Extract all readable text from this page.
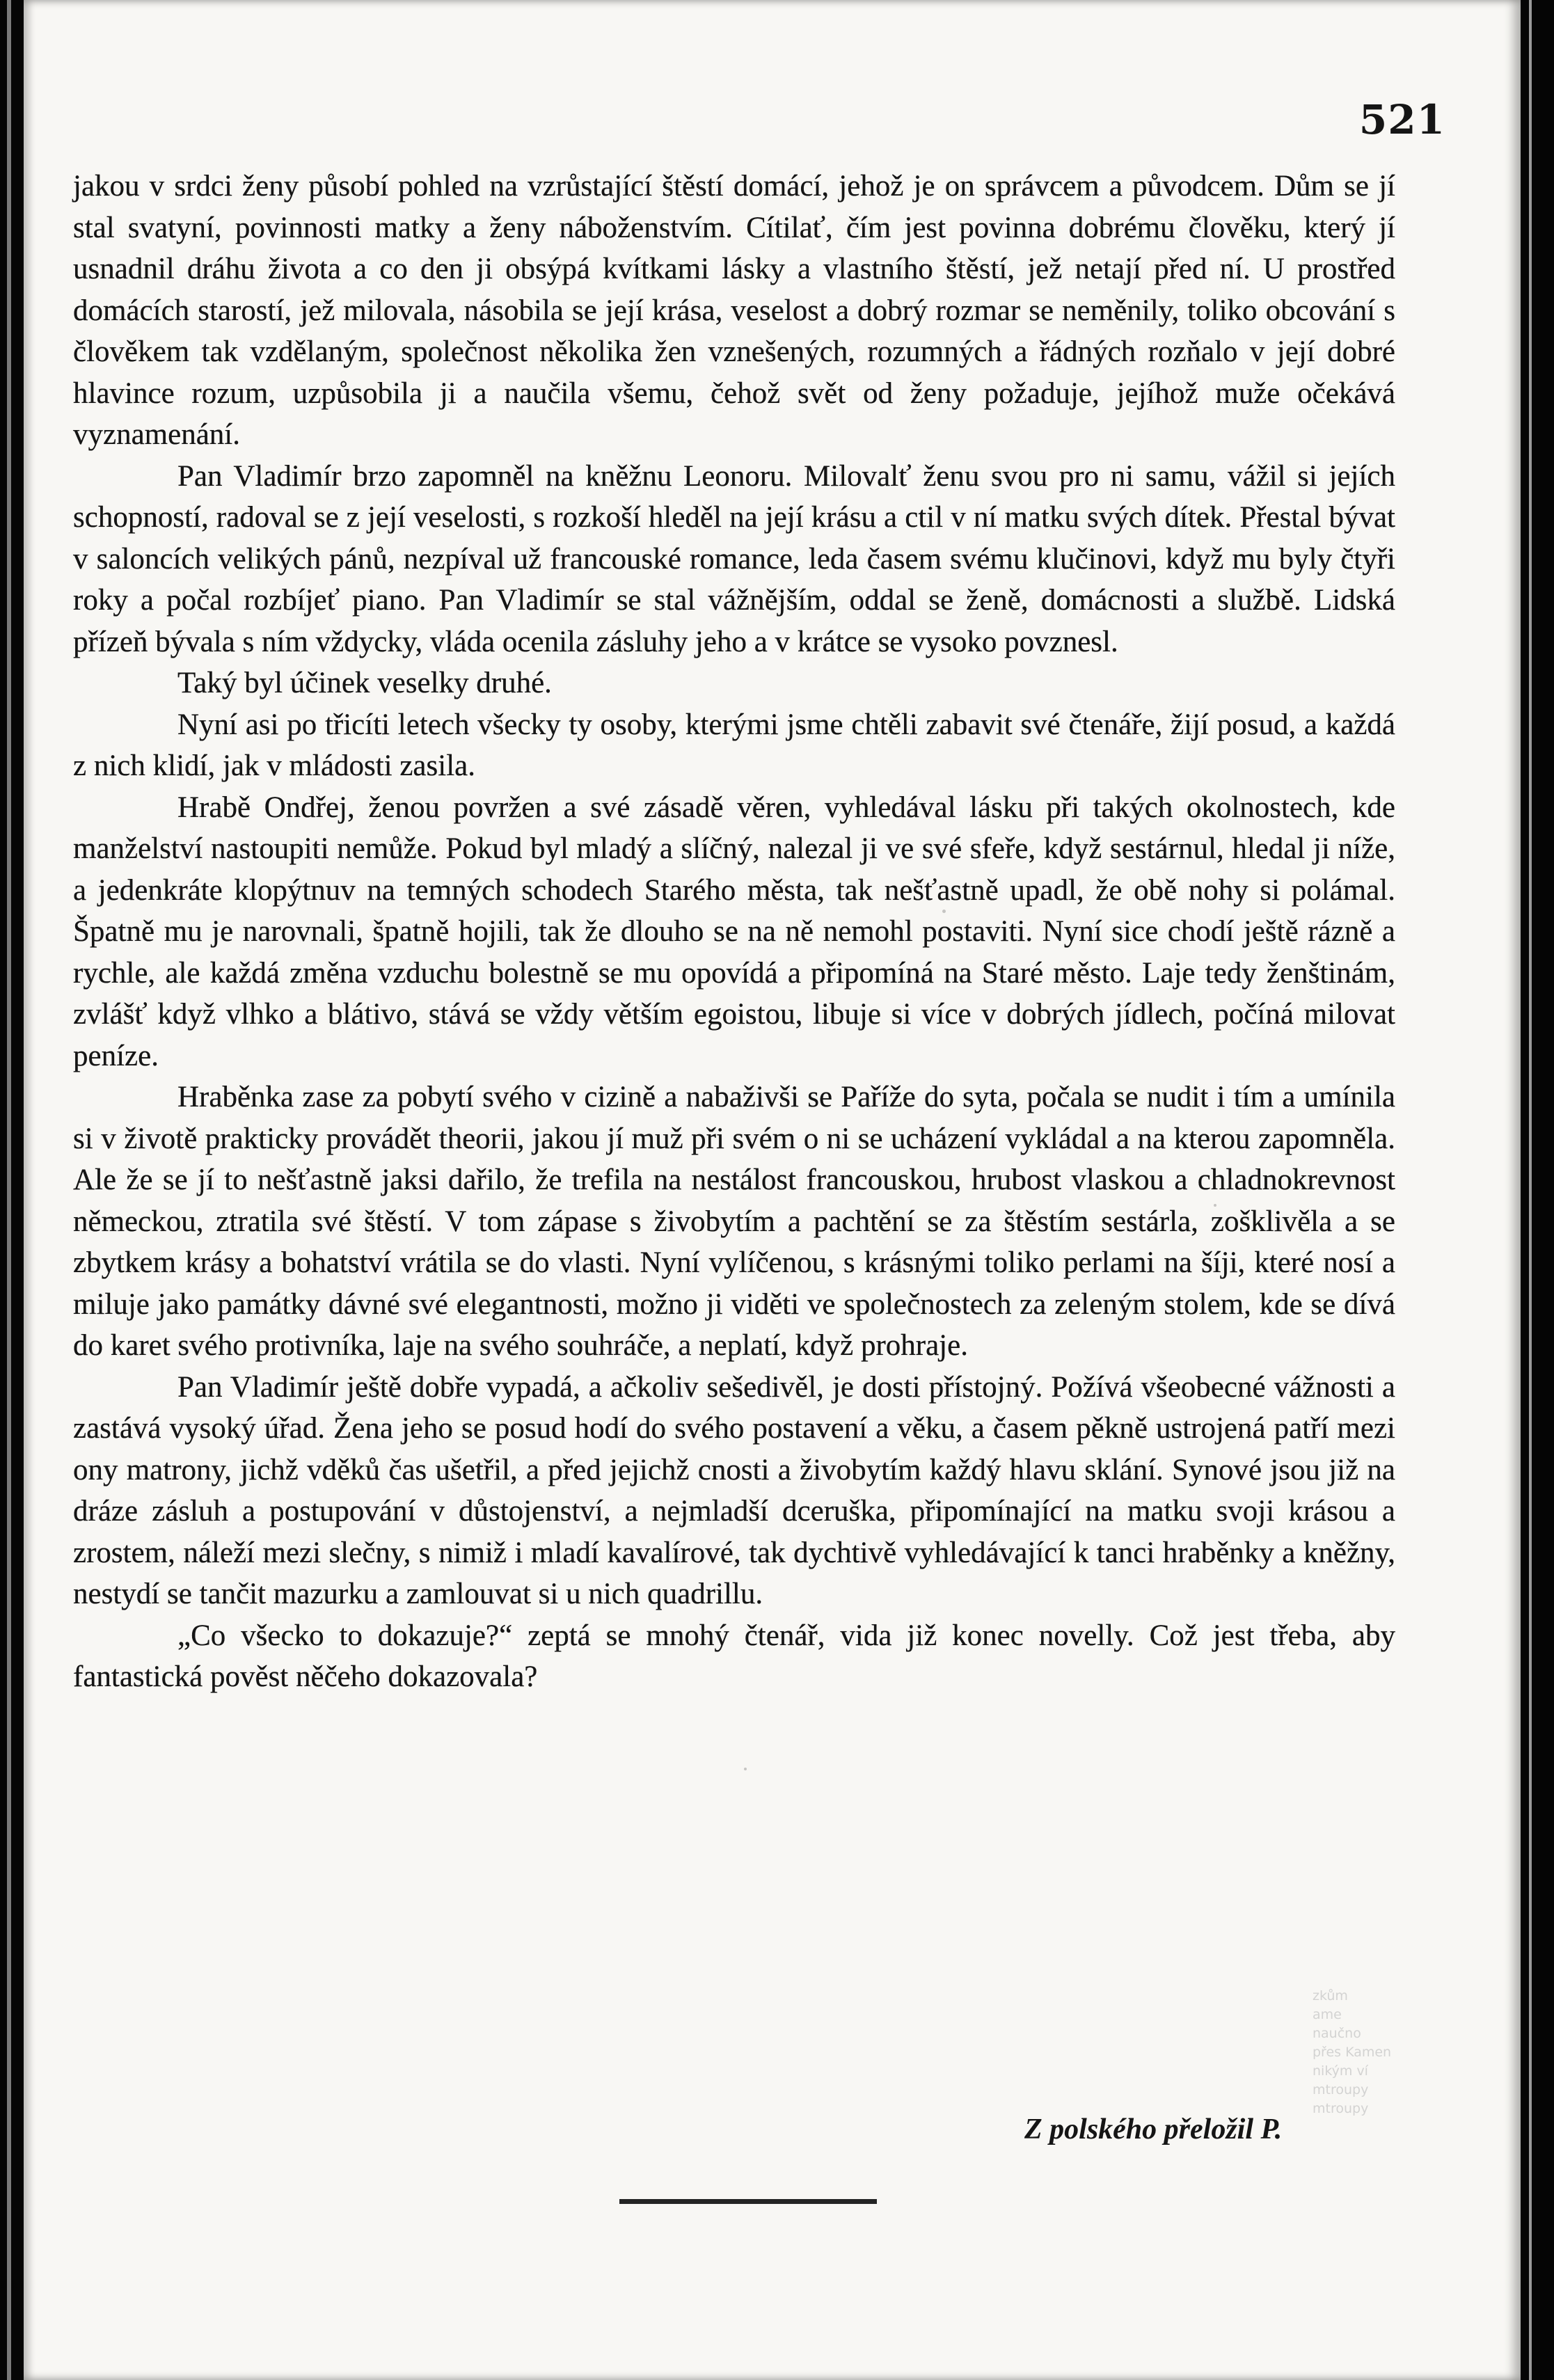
521

jakou v srdci ženy působí pohled na vzrůstající štěstí domácí, jehož je on správcem a původcem. Dům se jí stal svatyní, povinnosti matky a ženy náboženstvím. Cítilať, čím jest povinna dobrému člověku, který jí usnadnil dráhu života a co den ji obsýpá kvítkami lásky a vlastního štěstí, jež netají před ní. U prostřed domácích starostí, jež milovala, násobila se její krása, veselost a dobrý rozmar se neměnily, toliko obcování s člověkem tak vzdělaným, společnost několika žen vznešených, rozumných a řádných rozňalo v její dobré hlavince rozum, uzpůsobila ji a naučila všemu, čehož svět od ženy požaduje, jejíhož muže očekává vyznamenání.

Pan Vladimír brzo zapomněl na kněžnu Leonoru. Milovalť ženu svou pro ni samu, vážil si jejích schopností, radoval se z její veselosti, s rozkoší hleděl na její krásu a ctil v ní matku svých dítek. Přestal bývat v saloncích velikých pánů, nezpíval už francouské romance, leda časem svému klučinovi, když mu byly čtyři roky a počal rozbíjeť piano. Pan Vladimír se stal vážnějším, oddal se ženě, domácnosti a službě. Lidská přízeň bývala s ním vždycky, vláda ocenila zásluhy jeho a v krátce se vysoko povznesl.

Taký byl účinek veselky druhé.

Nyní asi po třicíti letech všecky ty osoby, kterými jsme chtěli zabavit své čtenáře, žijí posud, a každá z nich klidí, jak v mládosti zasila.

Hrabě Ondřej, ženou povržen a své zásadě věren, vyhledával lásku při takých okolnostech, kde manželství nastoupiti nemůže. Pokud byl mladý a slíčný, nalezal ji ve své sfeře, když sestárnul, hledal ji níže, a jedenkráte klopýtnuv na temných schodech Starého města, tak nešťastně upadl, že obě nohy si polámal. Špatně mu je narovnali, špatně hojili, tak že dlouho se na ně nemohl postaviti. Nyní sice chodí ještě rázně a rychle, ale každá změna vzduchu bolestně se mu opovídá a připomíná na Staré město. Laje tedy ženštinám, zvlášť když vlhko a blátivo, stává se vždy větším egoistou, libuje si více v dobrých jídlech, počíná milovat peníze.

Hraběnka zase za pobytí svého v cizině a nabaživši se Paříže do syta, počala se nudit i tím a umínila si v životě prakticky provádět theorii, jakou jí muž při svém o ni se ucházení vykládal a na kterou zapomněla. Ale že se jí to nešťastně jaksi dařilo, že trefila na nestálost francouskou, hrubost vlaskou a chladnokrevnost německou, ztratila své štěstí. V tom zápase s živobytím a pachtění se za štěstím sestárla, zošklivěla a se zbytkem krásy a bohatství vrátila se do vlasti. Nyní vylíčenou, s krásnými toliko perlami na šíji, které nosí a miluje jako památky dávné své elegantnosti, možno ji viděti ve společnostech za zeleným stolem, kde se dívá do karet svého protivníka, laje na svého souhráče, a neplatí, když prohraje.

Pan Vladimír ještě dobře vypadá, a ačkoliv sešedivěl, je dosti přístojný. Požívá všeobecné vážnosti a zastává vysoký úřad. Žena jeho se posud hodí do svého postavení a věku, a časem pěkně ustrojená patří mezi ony matrony, jichž vděků čas ušetřil, a před jejichž cnosti a živobytím každý hlavu sklání. Synové jsou již na dráze zásluh a postupování v důstojenství, a nejmladší dceruška, připomínající na matku svoji krásou a zrostem, náleží mezi slečny, s nimiž i mladí kavalírové, tak dychtivě vyhledávající k tanci hraběnky a kněžny, nestydí se tančit mazurku a zamlouvat si u nich quadrillu.

„Co všecko to dokazuje?“ zeptá se mnohý čtenář, vida již konec novelly. Což jest třeba, aby fantastická pověst něčeho dokazovala?

Z polského přeložil P.
zkům
ame
naučno
přes Kamen
nikým ví
mtroupy
mtroupy
